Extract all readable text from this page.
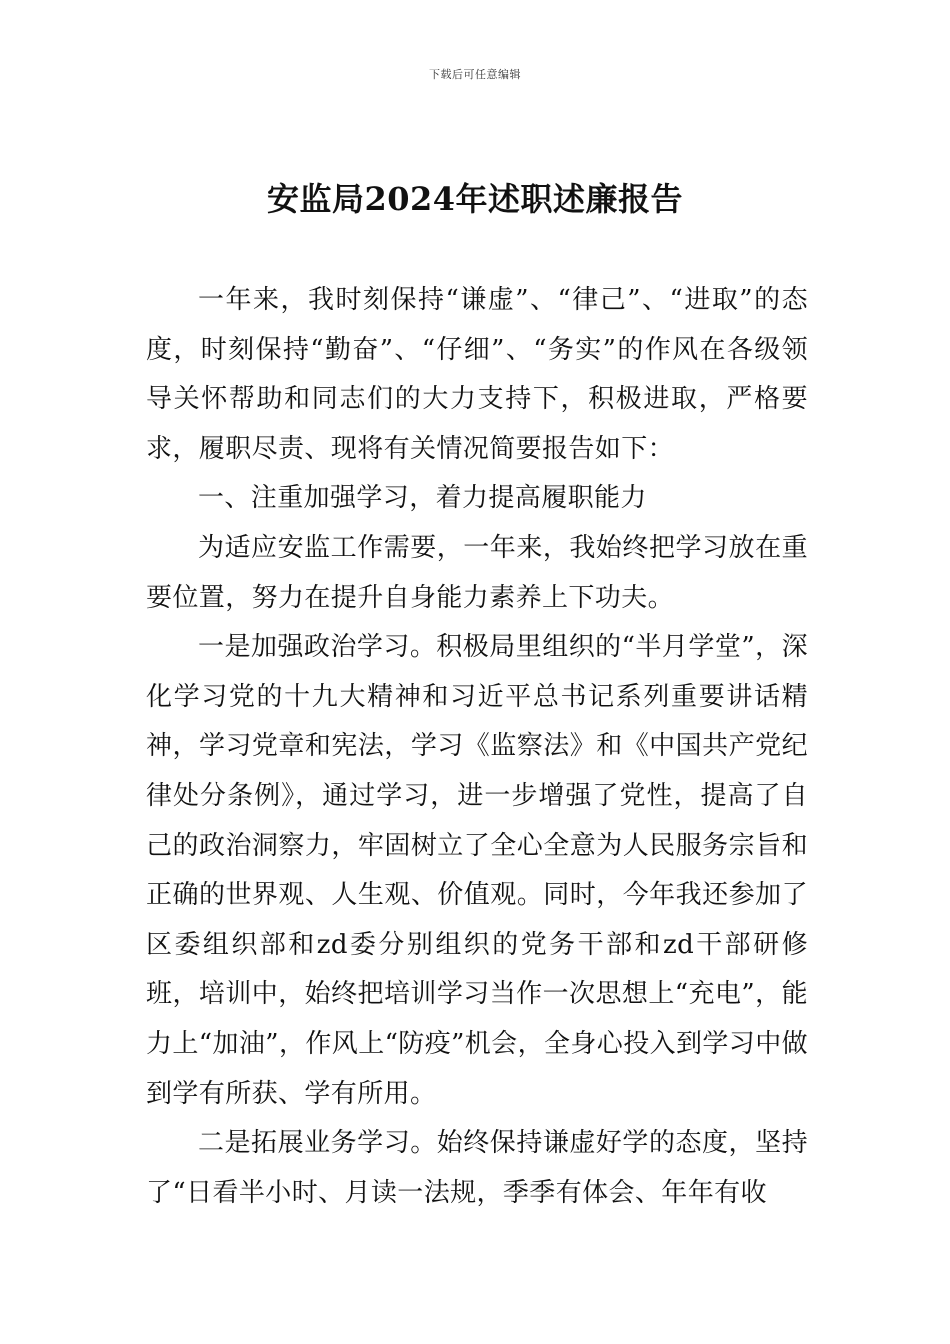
下载后可任意编辑
安监局2024年述职述廉报告

一年来，我时刻保持“谦虚”、“律己”、“进取”的态度，时刻保持“勤奋”、“仔细”、“务实”的作风在各级领导关怀帮助和同志们的大力支持下，积极进取，严格要求，履职尽责、现将有关情况简要报告如下：

一、注重加强学习，着力提高履职能力

为适应安监工作需要，一年来，我始终把学习放在重要位置，努力在提升自身能力素养上下功夫。

一是加强政治学习。积极局里组织的“半月学堂”，深化学习党的十九大精神和习近平总书记系列重要讲话精神，学习党章和宪法，学习《监察法》和《中国共产党纪律处分条例》，通过学习，进一步增强了党性，提高了自己的政治洞察力，牢固树立了全心全意为人民服务宗旨和正确的世界观、人生观、价值观。同时，今年我还参加了区委组织部和zd委分别组织的党务干部和zd干部研修班，培训中，始终把培训学习当作一次思想上“充电”，能力上“加油”，作风上“防疫”机会，全身心投入到学习中做到学有所获、学有所用。

二是拓展业务学习。始终保持谦虚好学的态度，坚持了“日看半小时、月读一法规，季季有体会、年年有收
